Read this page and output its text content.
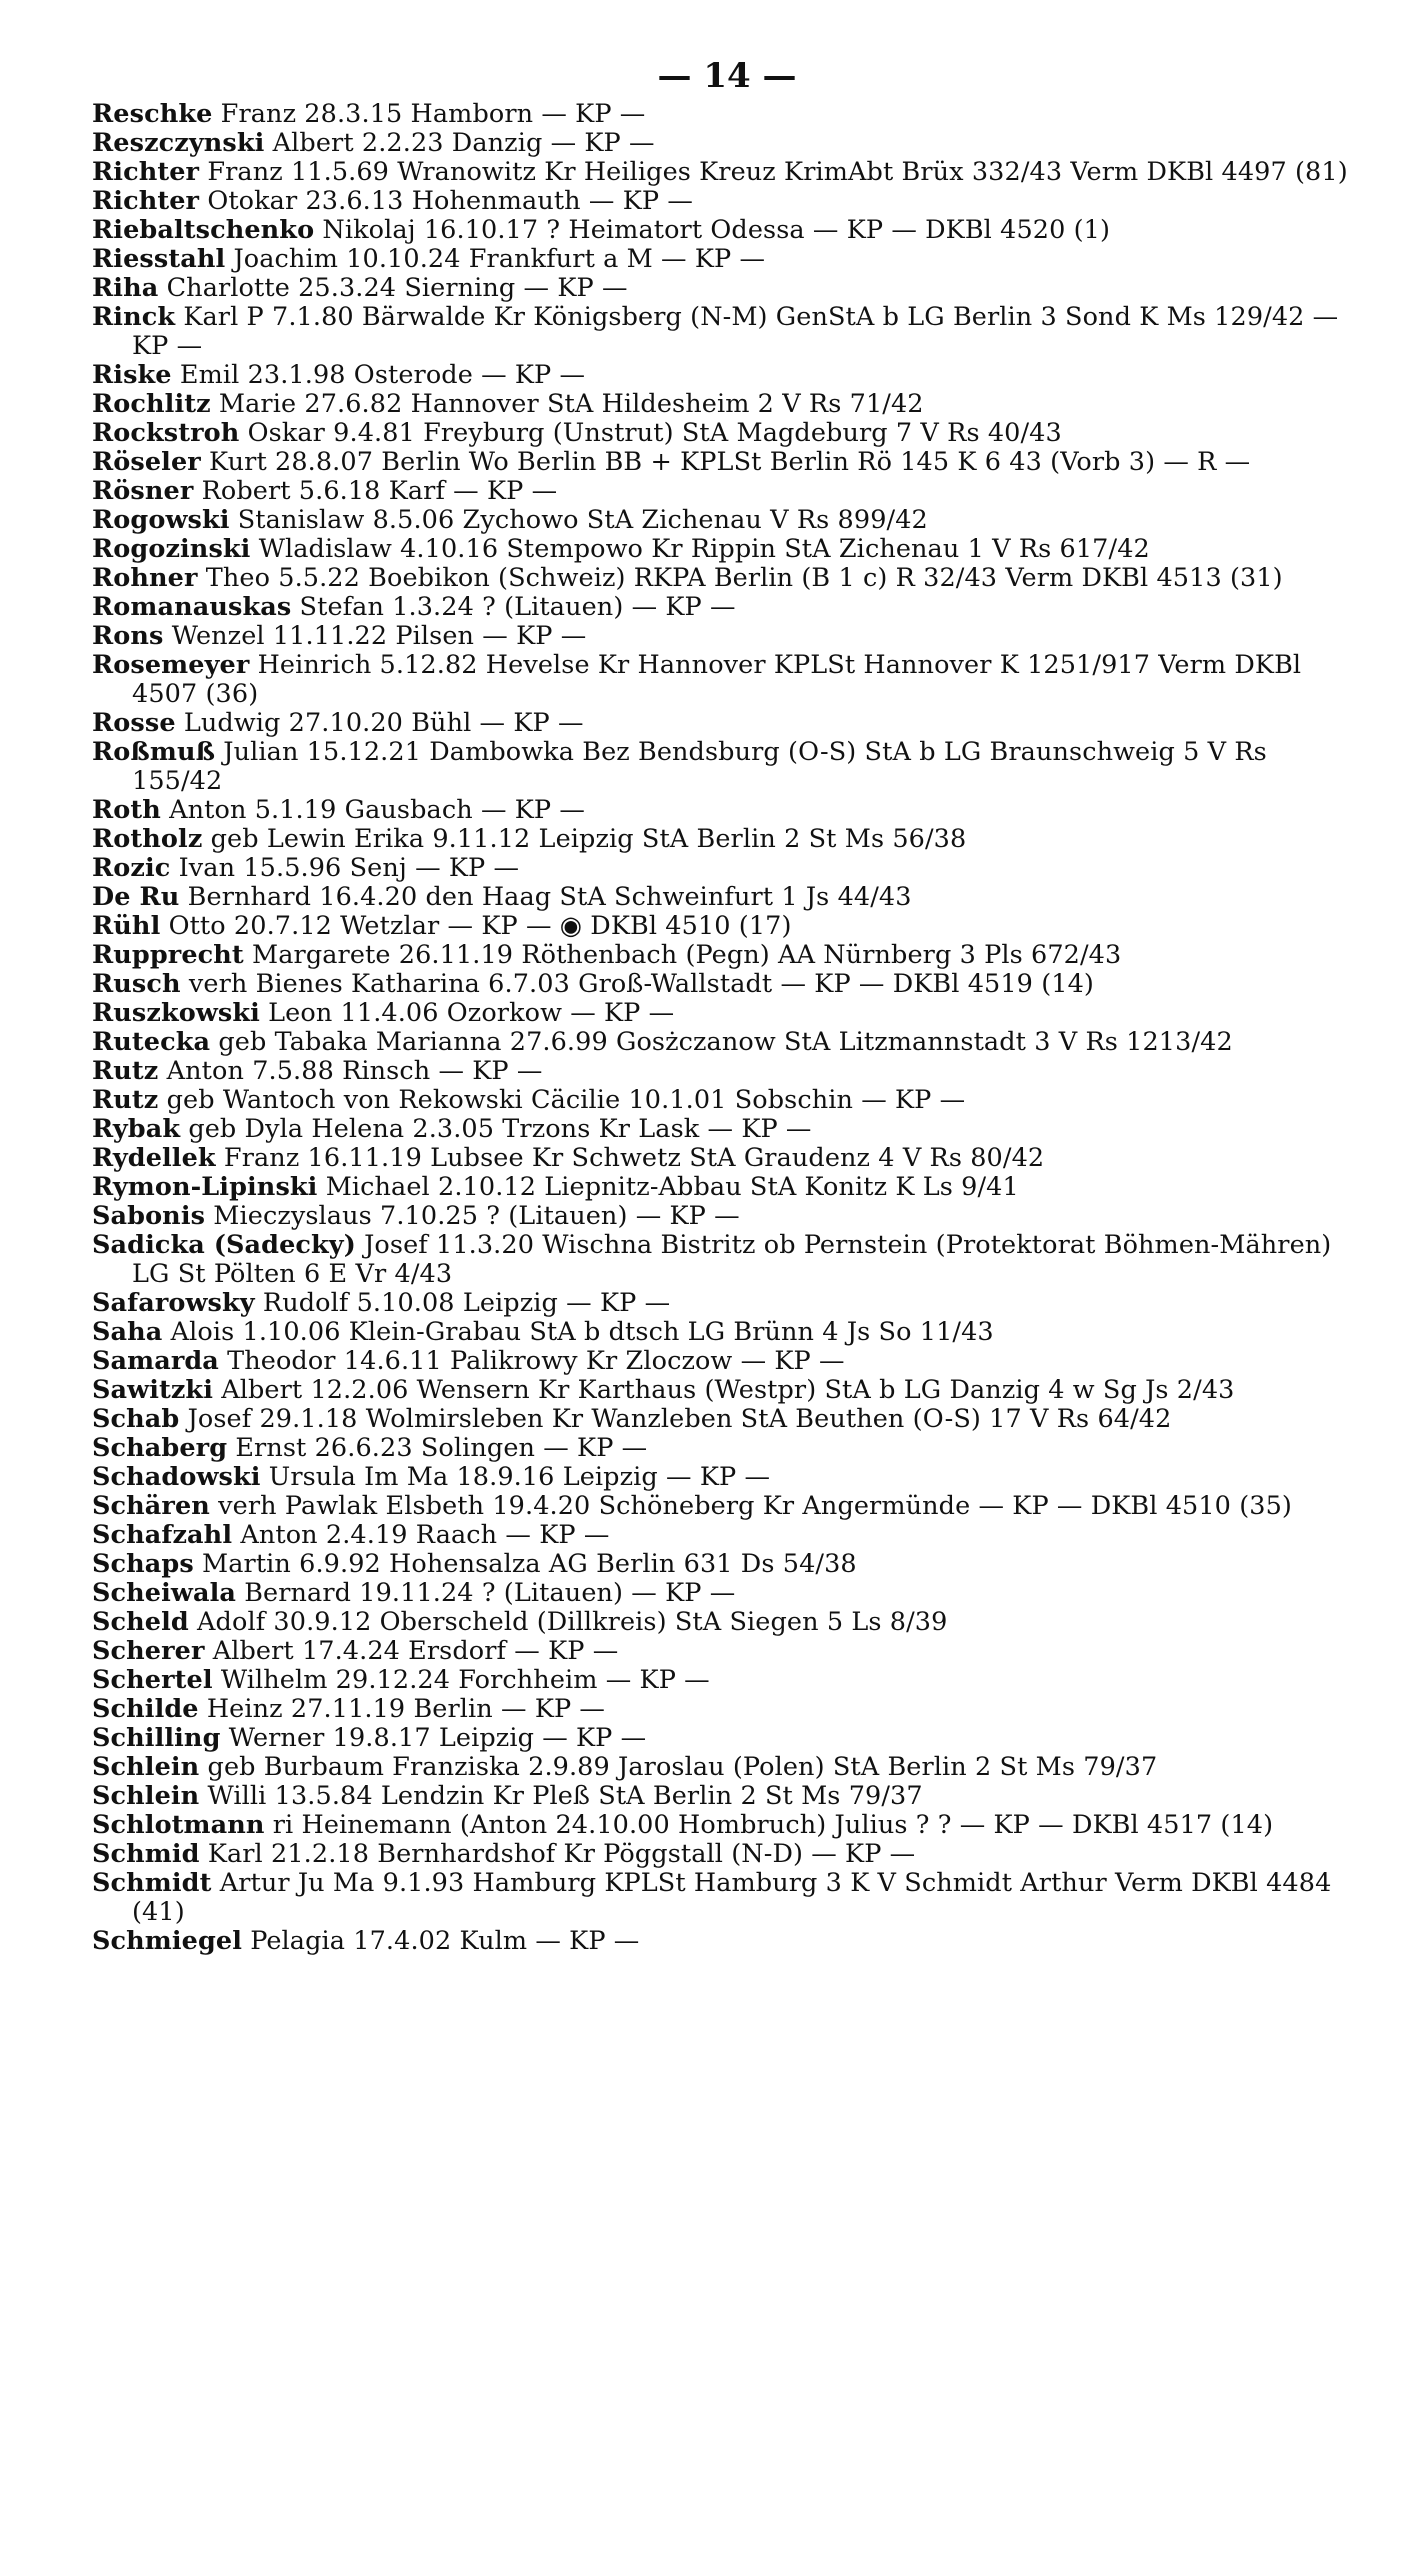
— 14 —
Reschke Franz 28.3.15 Hamborn — KP —
Reszczynski Albert 2.2.23 Danzig — KP —
Richter Franz 11.5.69 Wranowitz Kr Heiliges Kreuz KrimAbt Brüx 332/43 Verm DKBl 4497 (81)
Richter Otokar 23.6.13 Hohenmauth — KP —
Riebaltschenko Nikolaj 16.10.17 ? Heimatort Odessa — KP — DKBl 4520 (1)
Riesstahl Joachim 10.10.24 Frankfurt a M — KP —
Riha Charlotte 25.3.24 Sierning — KP —
Rinck Karl P 7.1.80 Bärwalde Kr Königsberg (N-M) GenStA b LG Berlin 3 Sond K Ms 129/42 — KP —
Riske Emil 23.1.98 Osterode — KP —
Rochlitz Marie 27.6.82 Hannover StA Hildesheim 2 V Rs 71/42
Rockstroh Oskar 9.4.81 Freyburg (Unstrut) StA Magdeburg 7 V Rs 40/43
Röseler Kurt 28.8.07 Berlin Wo Berlin BB + KPLSt Berlin Rö 145 K 6 43 (Vorb 3) — R —
Rösner Robert 5.6.18 Karf — KP —
Rogowski Stanislaw 8.5.06 Zychowo StA Zichenau V Rs 899/42
Rogozinski Wladislaw 4.10.16 Stempowo Kr Rippin StA Zichenau 1 V Rs 617/42
Rohner Theo 5.5.22 Boebikon (Schweiz) RKPA Berlin (B 1 c) R 32/43 Verm DKBl 4513 (31)
Romanauskas Stefan 1.3.24 ? (Litauen) — KP —
Rons Wenzel 11.11.22 Pilsen — KP —
Rosemeyer Heinrich 5.12.82 Hevelse Kr Hannover KPLSt Hannover K 1251/917 Verm DKBl 4507 (36)
Rosse Ludwig 27.10.20 Bühl — KP —
Roßmuß Julian 15.12.21 Dambowka Bez Bendsburg (O-S) StA b LG Braunschweig 5 V Rs 155/42
Roth Anton 5.1.19 Gausbach — KP —
Rotholz geb Lewin Erika 9.11.12 Leipzig StA Berlin 2 St Ms 56/38
Rozic Ivan 15.5.96 Senj — KP —
De Ru Bernhard 16.4.20 den Haag StA Schweinfurt 1 Js 44/43
Rühl Otto 20.7.12 Wetzlar — KP — ◉ DKBl 4510 (17)
Rupprecht Margarete 26.11.19 Röthenbach (Pegn) AA Nürnberg 3 Pls 672/43
Rusch verh Bienes Katharina 6.7.03 Groß-Wallstadt — KP — DKBl 4519 (14)
Ruszkowski Leon 11.4.06 Ozorkow — KP —
Rutecka geb Tabaka Marianna 27.6.99 Gosżczanow StA Litzmannstadt 3 V Rs 1213/42
Rutz Anton 7.5.88 Rinsch — KP —
Rutz geb Wantoch von Rekowski Cäcilie 10.1.01 Sobschin — KP —
Rybak geb Dyla Helena 2.3.05 Trzons Kr Lask — KP —
Rydellek Franz 16.11.19 Lubsee Kr Schwetz StA Graudenz 4 V Rs 80/42
Rymon-Lipinski Michael 2.10.12 Liepnitz-Abbau StA Konitz K Ls 9/41
Sabonis Mieczyslaus 7.10.25 ? (Litauen) — KP —
Sadicka (Sadecky) Josef 11.3.20 Wischna Bistritz ob Pernstein (Protektorat Böhmen-Mähren) LG St Pölten 6 E Vr 4/43
Safarowsky Rudolf 5.10.08 Leipzig — KP —
Saha Alois 1.10.06 Klein-Grabau StA b dtsch LG Brünn 4 Js So 11/43
Samarda Theodor 14.6.11 Palikrowy Kr Zloczow — KP —
Sawitzki Albert 12.2.06 Wensern Kr Karthaus (Westpr) StA b LG Danzig 4 w Sg Js 2/43
Schab Josef 29.1.18 Wolmirsleben Kr Wanzleben StA Beuthen (O-S) 17 V Rs 64/42
Schaberg Ernst 26.6.23 Solingen — KP —
Schadowski Ursula Im Ma 18.9.16 Leipzig — KP —
Schären verh Pawlak Elsbeth 19.4.20 Schöneberg Kr Angermünde — KP — DKBl 4510 (35)
Schafzahl Anton 2.4.19 Raach — KP —
Schaps Martin 6.9.92 Hohensalza AG Berlin 631 Ds 54/38
Scheiwala Bernard 19.11.24 ? (Litauen) — KP —
Scheld Adolf 30.9.12 Oberscheld (Dillkreis) StA Siegen 5 Ls 8/39
Scherer Albert 17.4.24 Ersdorf — KP —
Schertel Wilhelm 29.12.24 Forchheim — KP —
Schilde Heinz 27.11.19 Berlin — KP —
Schilling Werner 19.8.17 Leipzig — KP —
Schlein geb Burbaum Franziska 2.9.89 Jaroslau (Polen) StA Berlin 2 St Ms 79/37
Schlein Willi 13.5.84 Lendzin Kr Pleß StA Berlin 2 St Ms 79/37
Schlotmann ri Heinemann (Anton 24.10.00 Hombruch) Julius ? ? — KP — DKBl 4517 (14)
Schmid Karl 21.2.18 Bernhardshof Kr Pöggstall (N-D) — KP —
Schmidt Artur Ju Ma 9.1.93 Hamburg KPLSt Hamburg 3 K V Schmidt Arthur Verm DKBl 4484 (41)
Schmiegel Pelagia 17.4.02 Kulm — KP —
